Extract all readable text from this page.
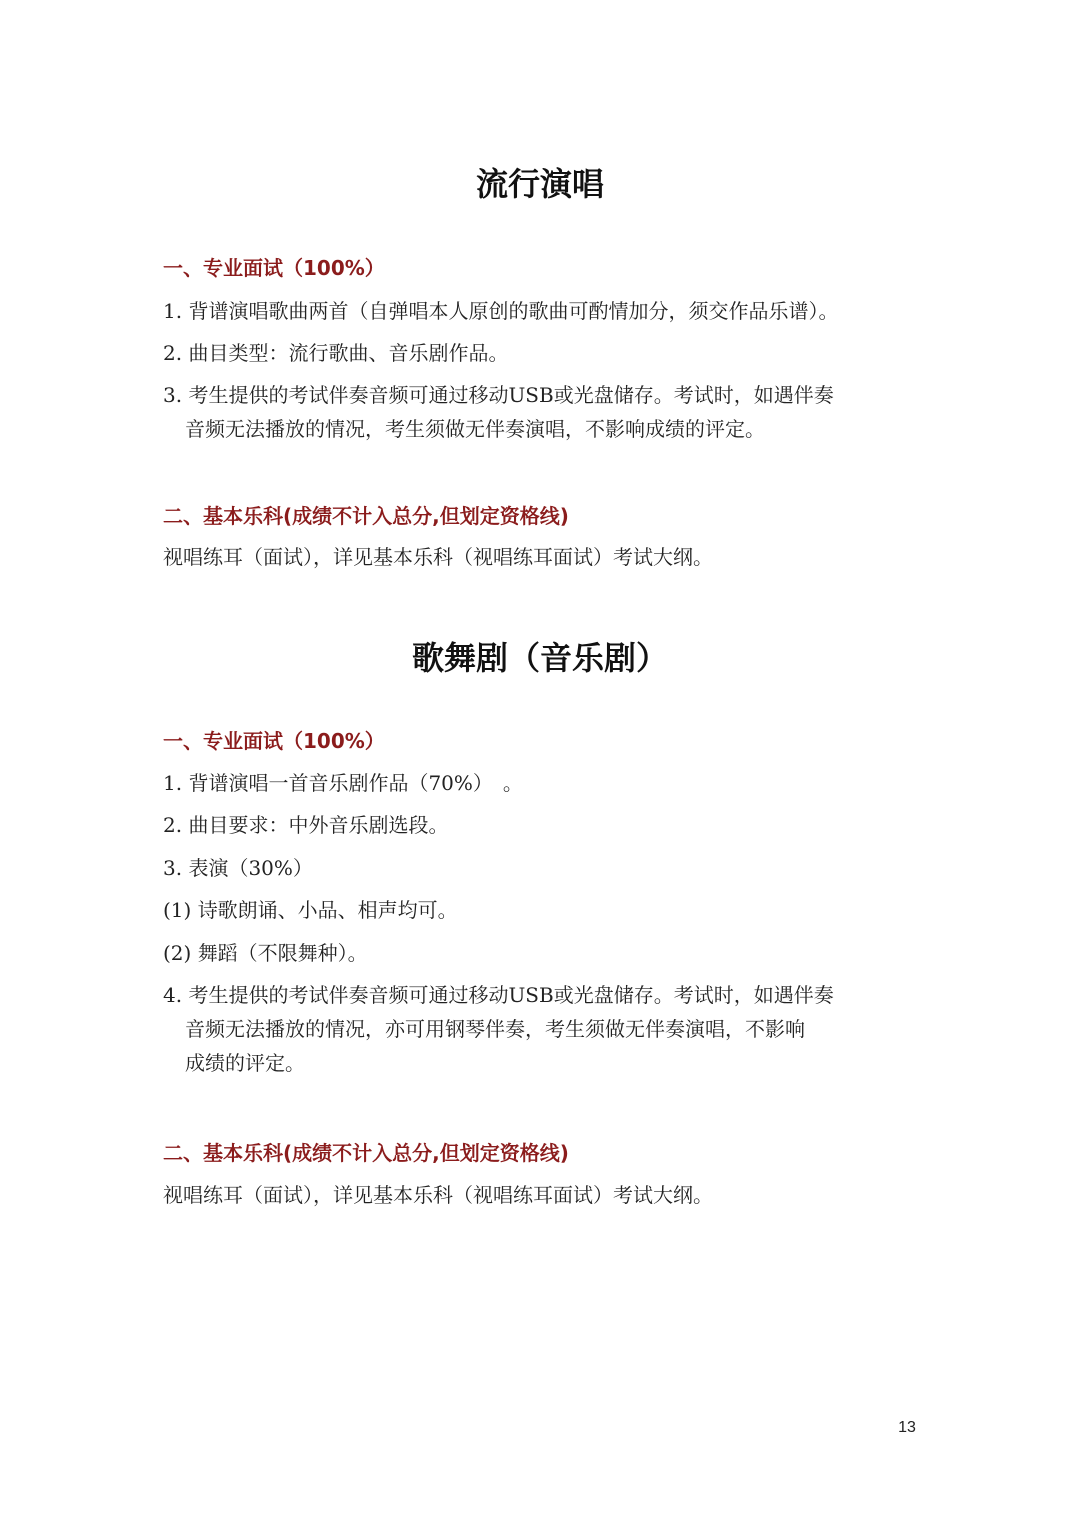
流行演唱
一、专业面试（100%）

1. 背谱演唱歌曲两首（自弹唱本人原创的歌曲可酌情加分，须交作品乐谱）。

2. 曲目类型：流行歌曲、音乐剧作品。

3. 考生提供的考试伴奏音频可通过移动USB或光盘储存。考试时，如遇伴奏
音频无法播放的情况，考生须做无伴奏演唱，不影响成绩的评定。

二、基本乐科(成绩不计入总分,但划定资格线)

视唱练耳（面试），详见基本乐科（视唱练耳面试）考试大纲。

歌舞剧（音乐剧）
一、专业面试（100%）

1. 背谱演唱一首音乐剧作品（70%）　。

2. 曲目要求：中外音乐剧选段。

3. 表演（30%）

(1) 诗歌朗诵、小品、相声均可。

(2) 舞蹈（不限舞种）。

4. 考生提供的考试伴奏音频可通过移动USB或光盘储存。考试时，如遇伴奏
音频无法播放的情况，亦可用钢琴伴奏，考生须做无伴奏演唱，不影响
成绩的评定。

二、基本乐科(成绩不计入总分,但划定资格线)

视唱练耳（面试），详见基本乐科（视唱练耳面试）考试大纲。

13
